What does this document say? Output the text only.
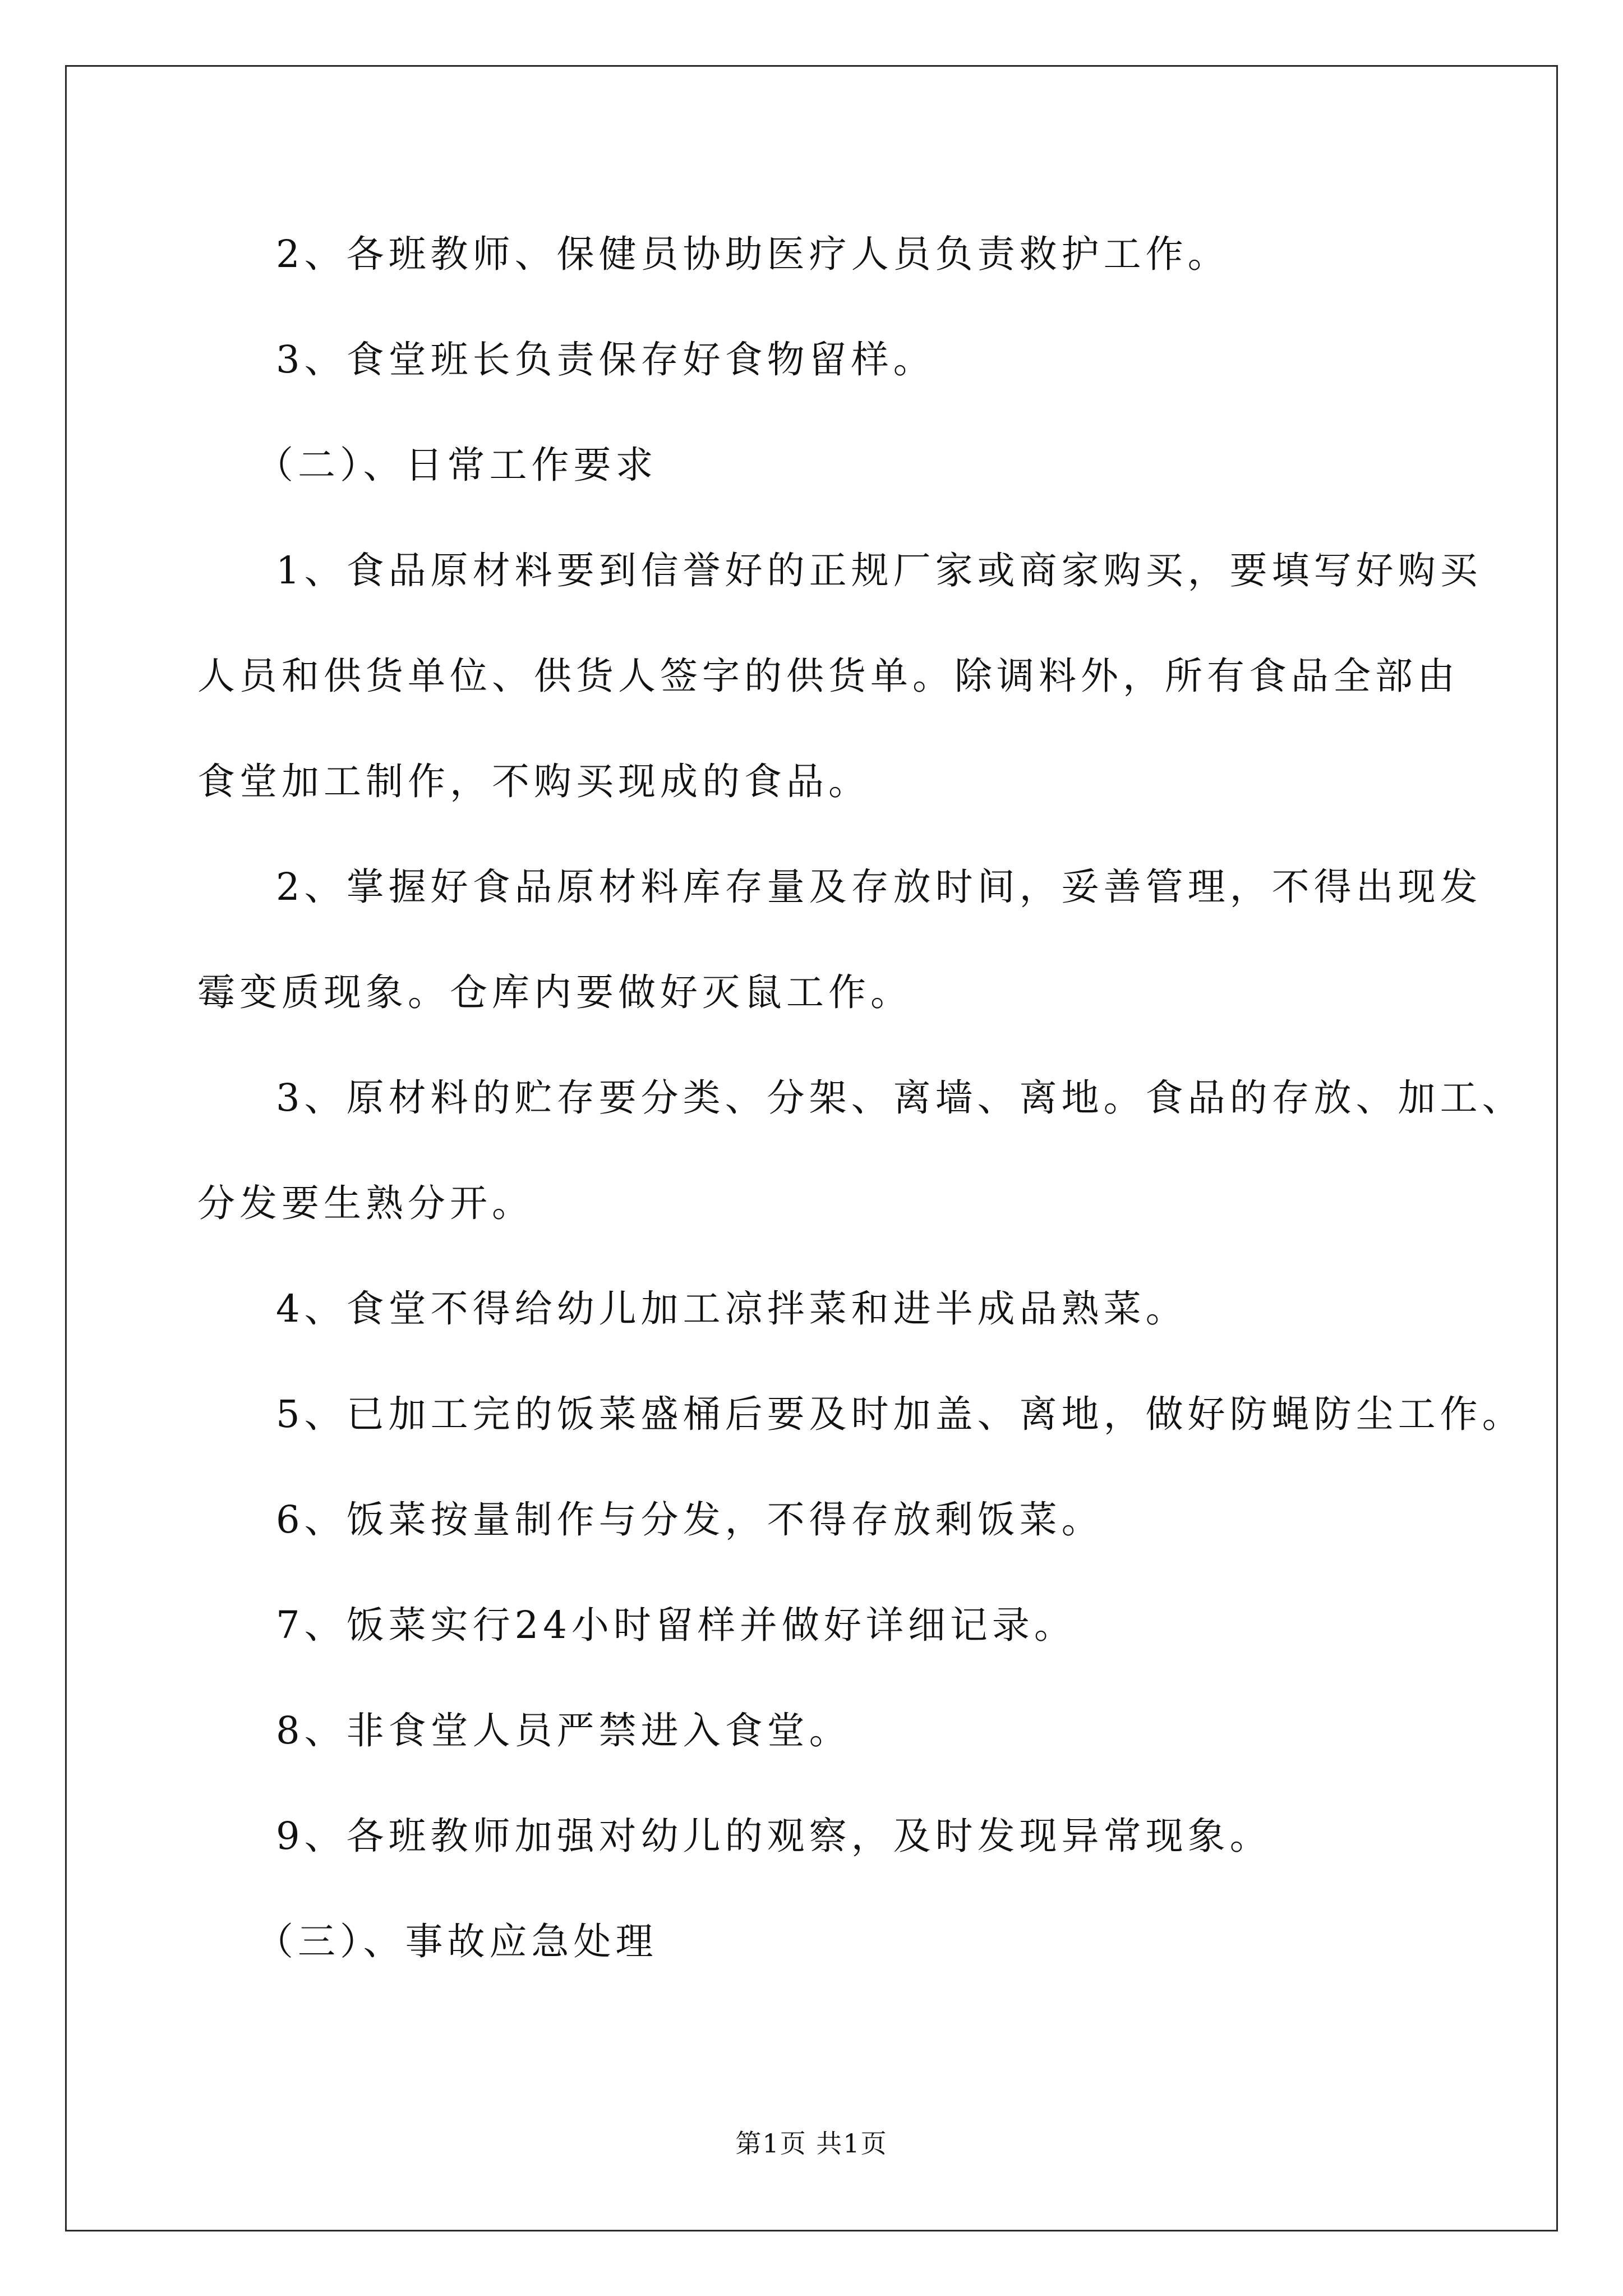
2、各班教师、保健员协助医疗人员负责救护工作。
3、食堂班长负责保存好食物留样。
（二）、日常工作要求
1、食品原材料要到信誉好的正规厂家或商家购买，要填写好购买
人员和供货单位、供货人签字的供货单。除调料外，所有食品全部由
食堂加工制作，不购买现成的食品。
2、掌握好食品原材料库存量及存放时间，妥善管理，不得出现发
霉变质现象。仓库内要做好灭鼠工作。
3、原材料的贮存要分类、分架、离墙、离地。食品的存放、加工、
分发要生熟分开。
4、食堂不得给幼儿加工凉拌菜和进半成品熟菜。
5、已加工完的饭菜盛桶后要及时加盖、离地，做好防蝇防尘工作。
6、饭菜按量制作与分发，不得存放剩饭菜。
7、饭菜实行24小时留样并做好详细记录。
8、非食堂人员严禁进入食堂。
9、各班教师加强对幼儿的观察，及时发现异常现象。
（三）、事故应急处理
第1页 共1页
